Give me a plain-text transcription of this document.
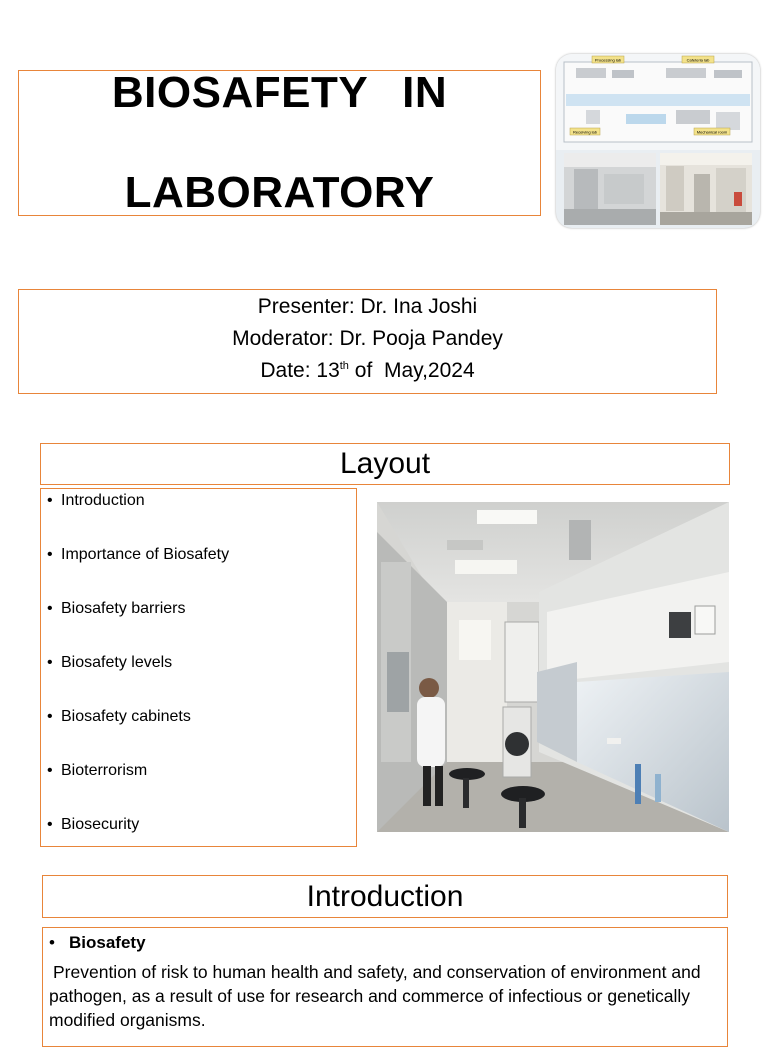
BIOSAFETY IN

LABORATORY

Processing lab	Cafeteria lab
Receiving lab	Mechanical room
Presenter: Dr. Ina Joshi
Moderator: Dr. Pooja Pandey
Date: 13th of  May,2024
Layout
• Introduction
• Importance of Biosafety
• Biosafety barriers
• Biosafety levels
• Biosafety cabinets
• Bioterrorism
• Biosecurity
Introduction
• Biosafety
Prevention of risk to human health and safety, and conservation of environment and pathogen, as a result of use for research and commerce of infectious or genetically modified organisms.
